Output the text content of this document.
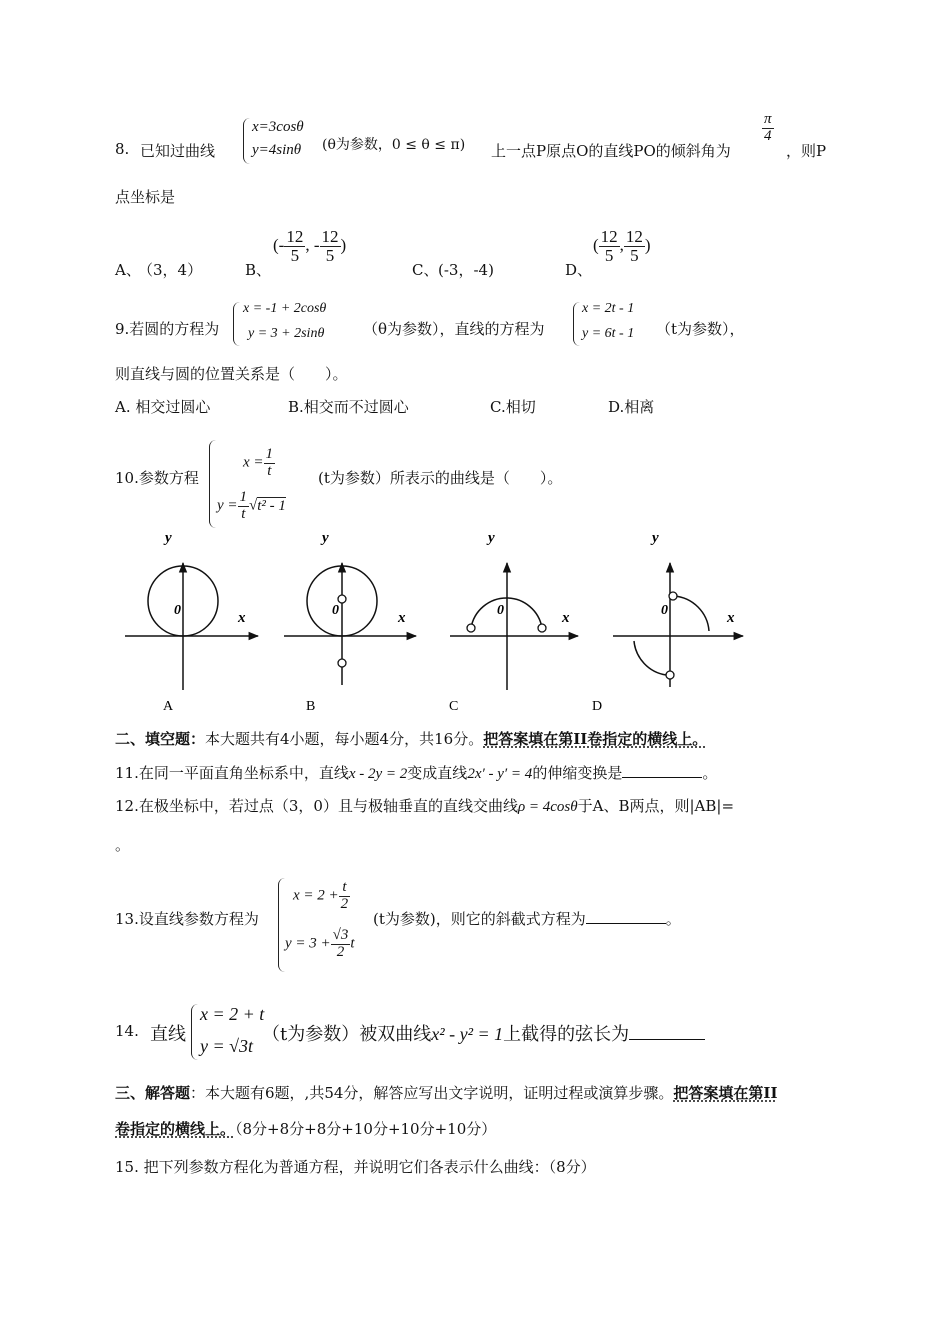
8. 已知过曲线
x=3cosθ
y=4sinθ (θ为参数，0 ≤ θ ≤ π) 上一点P原点O的直线PO的倾斜角为
$\frac{\pi}{4}$
，则P
点坐标是
A、
（3，4）	B、
(- $\frac{12}{5}$ , - $\frac{12}{5}$ )
C、 (-3，-4)	D、
( $\frac{12}{5}$ , $\frac{12}{5}$ )
9.若圆的方程为
x = -1 + 2cosθ
y = 3 + 2sinθ	（θ为参数），直线的方程为
x = 2t - 1
y = 6t - 1 （t为参数），
则直线与圆的位置关系是（　　）。
A. 相交过圆心	B.相交而不过圆心	C.相切	D.相离
10.参数方程
$x = \frac{1}{t}$
$y = \frac{1}{t} √t^2 - 1$
(t为参数）所表示的曲线是（　　）。
y
0	x
A
y
0	x
B
y
0	x
C
y
0	x
D
二、填空题：本大题共有4小题，每小题4分，共16分。把答案填在第II卷指定的横线上。
11.在同一平面直角坐标系中，直线x - 2y = 2变成直线2x′ - y′ = 4的伸缩变换是	。
12.在极坐标中，若过点（3，0）且与极轴垂直的直线交曲线ρ = 4cosθ于A、B两点，则|AB|=
。
13.设直线参数方程为
$x = 2 + \frac{t}{2}$
$y = 3 + \frac{√3}{2}$ t
(t为参数)，则它的斜截式方程为	。
14. 直线
x = 2 + t
y = √3t
（t为参数）被双曲线x² - y² = 1上截得的弦长为
三、解答题：本大题有6题，,共54分，解答应写出文字说明，证明过程或演算步骤。把答案填在第II
卷指定的横线上。（8分+8分+8分+10分+10分+10分）
15. 把下列参数方程化为普通方程，并说明它们各表示什么曲线：（8分）
